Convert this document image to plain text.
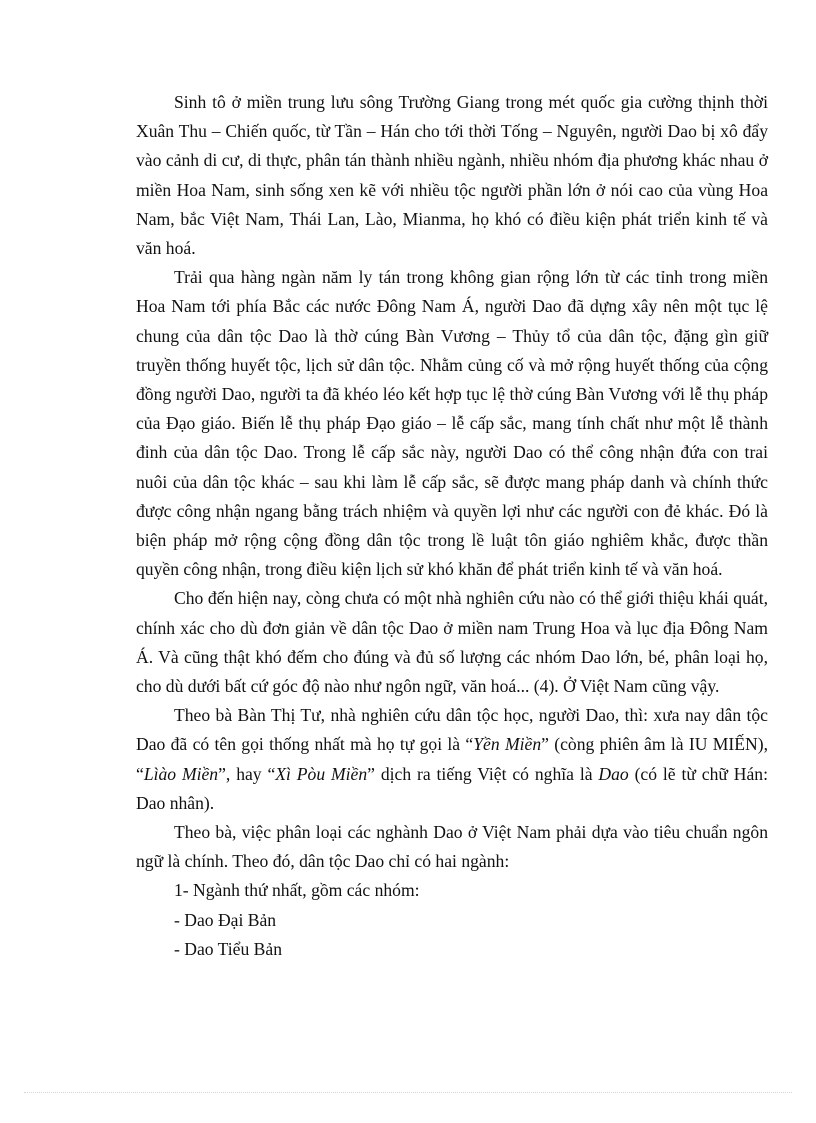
Sinh tô ở miền trung lưu sông Trường Giang trong mét quốc gia cường thịnh thời Xuân Thu – Chiến quốc, từ Tần – Hán cho tới thời Tống – Nguyên, người Dao bị xô đẩy vào cảnh di cư, di thực, phân tán thành nhiều ngành, nhiều nhóm địa phương khác nhau ở miền Hoa Nam, sinh sống xen kẽ với nhiều tộc người phần lớn ở nói cao của vùng Hoa Nam, bắc Việt Nam, Thái Lan, Lào, Mianma, họ khó có điều kiện phát triển kinh tế và văn hoá.

Trải qua hàng ngàn năm ly tán trong không gian rộng lớn từ các tỉnh trong miền Hoa Nam tới phía Bắc các nước Đông Nam Á, người Dao đã dựng xây nên một tục lệ chung của dân tộc Dao là thờ cúng Bàn Vương – Thủy tổ của dân tộc, đặng gìn giữ truyền thống huyết tộc, lịch sử dân tộc. Nhằm củng cố và mở rộng huyết thống của cộng đồng người Dao, người ta đã khéo léo kết hợp tục lệ thờ cúng Bàn Vương với lễ thụ pháp của Đạo giáo. Biến lễ thụ pháp Đạo giáo – lễ cấp sắc, mang tính chất như một lễ thành đinh của dân tộc Dao. Trong lễ cấp sắc này, người Dao có thể công nhận đứa con trai nuôi của dân tộc khác – sau khi làm lễ cấp sắc, sẽ được mang pháp danh và chính thức được công nhận ngang bằng trách nhiệm và quyền lợi như các người con đẻ khác. Đó là biện pháp mở rộng cộng đồng dân tộc trong lề luật tôn giáo nghiêm khắc, được thần quyền công nhận, trong điều kiện lịch sử khó khăn để phát triển kinh tế và văn hoá.

Cho đến hiện nay, còng chưa có một nhà nghiên cứu nào có thể giới thiệu khái quát, chính xác cho dù đơn giản về dân tộc Dao ở miền nam Trung Hoa và lục địa Đông Nam Á. Và cũng thật khó đếm cho đúng và đủ số lượng các nhóm Dao lớn, bé, phân loại họ, cho dù dưới bất cứ góc độ nào như ngôn ngữ, văn hoá... (4). Ở Việt Nam cũng vậy.

Theo bà Bàn Thị Tư, nhà nghiên cứu dân tộc học, người Dao, thì: xưa nay dân tộc Dao đã có tên gọi thống nhất mà họ tự gọi là “Yền Miền” (còng phiên âm là IU MIẾN), “Lìào Miền”, hay “Xì Pòu Miền” dịch ra tiếng Việt có nghĩa là Dao (có lẽ từ chữ Hán: Dao nhân).

Theo bà, việc phân loại các nghành Dao ở Việt Nam phải dựa vào tiêu chuẩn ngôn ngữ là chính. Theo đó, dân tộc Dao chỉ có hai ngành:

1- Ngành thứ nhất, gồm các nhóm:

- Dao Đại Bản

- Dao Tiểu Bản
